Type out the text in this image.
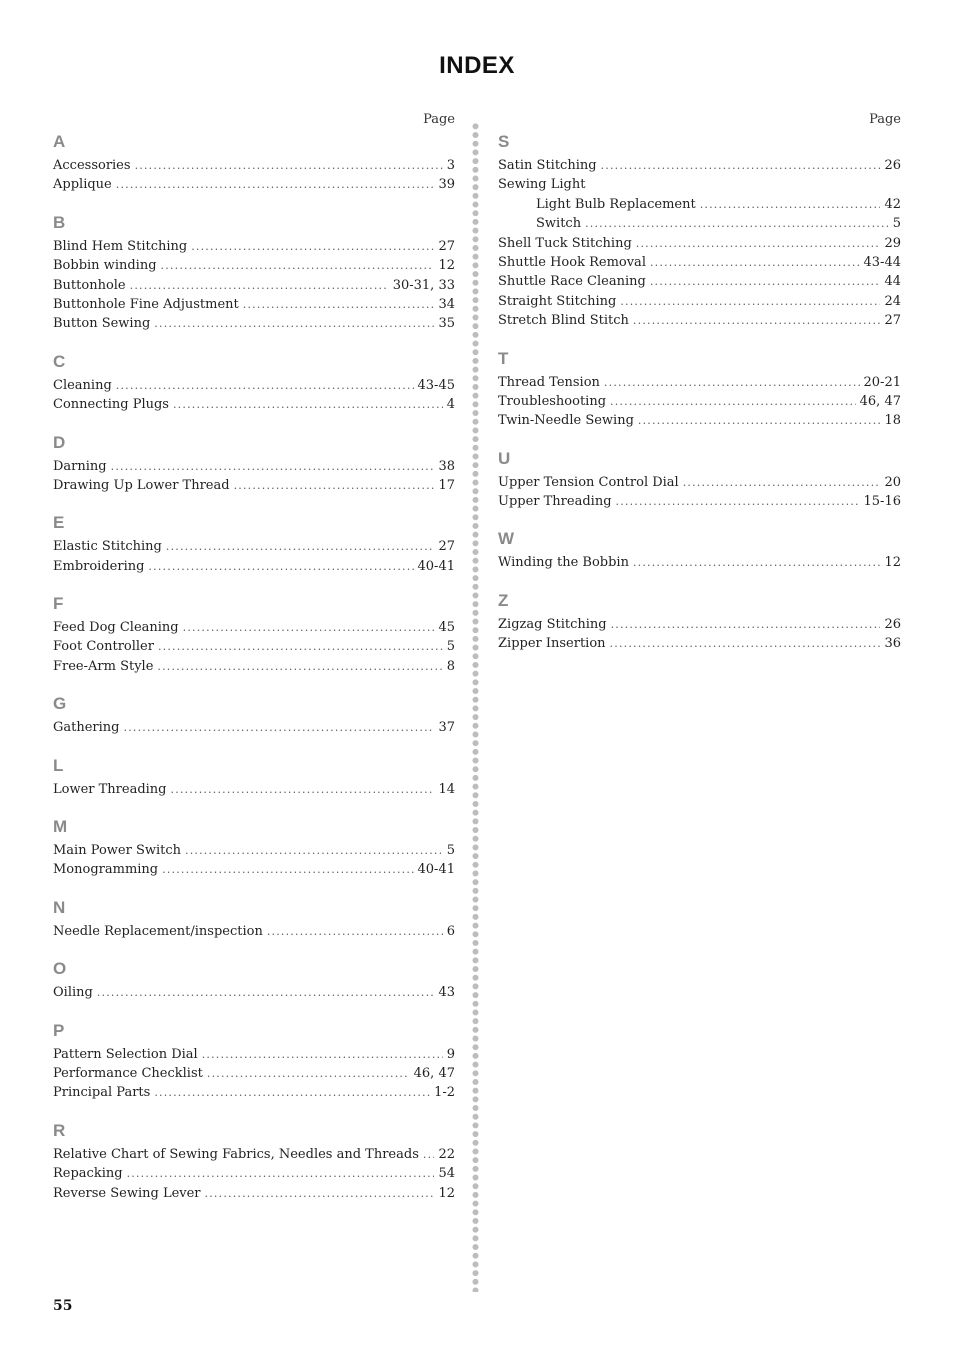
INDEX
Page
A
Accessories .....	3
Applique .....	39
B
Blind Hem Stitching .....	27
Bobbin winding .....	12
Buttonhole .....	30-31, 33
Buttonhole Fine Adjustment .....	34
Button Sewing .....	35
C
Cleaning .....	43-45
Connecting Plugs .....	4
D
Darning .....	38
Drawing Up Lower Thread .....	17
E
Elastic Stitching .....	27
Embroidering .....	40-41
F
Feed Dog Cleaning .....	45
Foot Controller .....	5
Free-Arm Style .....	8
G
Gathering .....	37
L
Lower Threading .....	14
M
Main Power Switch .....	5
Monogramming .....	40-41
N
Needle Replacement/inspection .....	6
O
Oiling .....	43
P
Pattern Selection Dial .....	9
Performance Checklist .....	46, 47
Principal Parts .....	1-2
R
Relative Chart of Sewing Fabrics, Needles and Threads ..... 22
Repacking .....	54
Reverse Sewing Lever .....	12
Page
S
Satin Stitching .....	26
Sewing Light
Light Bulb Replacement .....	42
Switch .....	5
Shell Tuck Stitching .....	29
Shuttle Hook Removal .....	43-44
Shuttle Race Cleaning .....	44
Straight Stitching .....	24
Stretch Blind Stitch .....	27
T
Thread Tension .....	20-21
Troubleshooting .....	46, 47
Twin-Needle Sewing .....	18
U
Upper Tension Control Dial .....	20
Upper Threading .....	15-16
W
Winding the Bobbin .....	12
Z
Zigzag Stitching .....	26
Zipper Insertion .....	36
55
